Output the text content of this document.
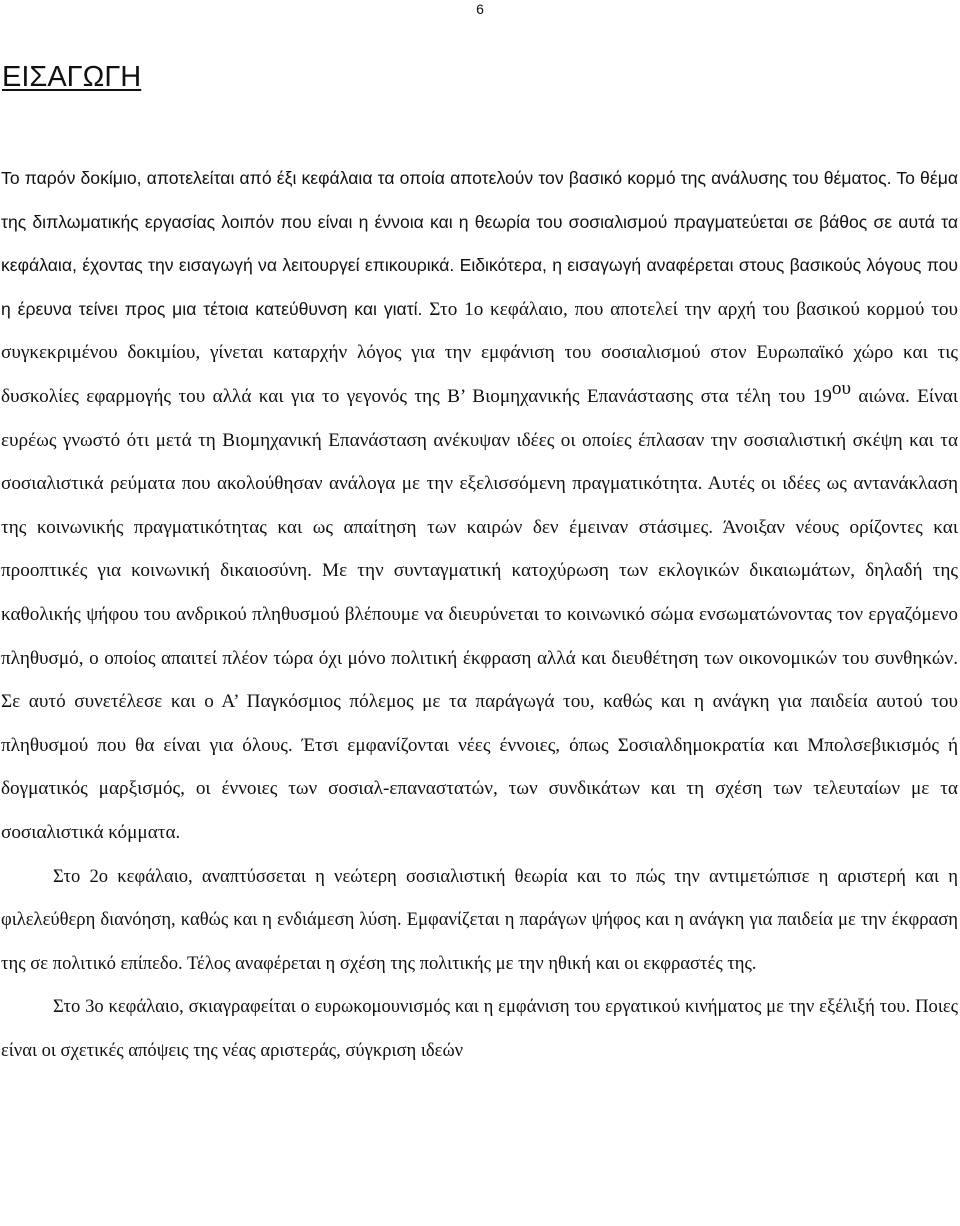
6
ΕΙΣΑΓΩΓΗ

Το παρόν δοκίμιο, αποτελείται από έξι κεφάλαια τα οποία αποτελούν τον βασικό κορμό της ανάλυσης του θέματος. Το θέμα της διπλωματικής εργασίας λοιπόν που είναι η έννοια και η θεωρία του σοσιαλισμού πραγματεύεται σε βάθος σε αυτά τα κεφάλαια, έχοντας την εισαγωγή να λειτουργεί επικουρικά. Ειδικότερα, η εισαγωγή αναφέρεται στους βασικούς λόγους που η έρευνα τείνει προς μια τέτοια κατεύθυνση και γιατί. Στο 1ο κεφάλαιο, που αποτελεί την αρχή του βασικού κορμού του συγκεκριμένου δοκιμίου, γίνεται καταρχήν λόγος για την εμφάνιση του σοσιαλισμού στον Ευρωπαϊκό χώρο και τις δυσκολίες εφαρμογής του αλλά και για το γεγονός της Β’ Βιομηχανικής Επανάστασης στα τέλη του $19^{o\upsilon}$ αιώνα. Είναι ευρέως γνωστό ότι μετά τη Βιομηχανική Επανάσταση ανέκυψαν ιδέες οι οποίες έπλασαν την σοσιαλιστική σκέψη και τα σοσιαλιστικά ρεύματα που ακολούθησαν ανάλογα με την εξελισσόμενη πραγματικότητα. Αυτές οι ιδέες ως αντανάκλαση της κοινωνικής πραγματικότητας και ως απαίτηση των καιρών δεν έμειναν στάσιμες. Άνοιξαν νέους ορίζοντες και προοπτικές για κοινωνική δικαιοσύνη. Με την συνταγματική κατοχύρωση των εκλογικών δικαιωμάτων, δηλαδή της καθολικής ψήφου του ανδρικού πληθυσμού βλέπουμε να διευρύνεται το κοινωνικό σώμα ενσωματώνοντας τον εργαζόμενο πληθυσμό, ο οποίος απαιτεί πλέον τώρα όχι μόνο πολιτική έκφραση αλλά και διευθέτηση των οικονομικών του συνθηκών. Σε αυτό συνετέλεσε και ο Α’ Παγκόσμιος πόλεμος με τα παράγωγά του, καθώς και η ανάγκη για παιδεία αυτού του πληθυσμού που θα είναι για όλους. Έτσι εμφανίζονται νέες έννοιες, όπως Σοσιαλδημοκρατία και Μπολσεβικισμός ή δογματικός μαρξισμός, οι έννοιες των σοσιαλ-επαναστατών, των συνδικάτων και τη σχέση των τελευταίων με τα σοσιαλιστικά κόμματα.

Στο 2ο κεφάλαιο, αναπτύσσεται η νεώτερη σοσιαλιστική θεωρία και το πώς την αντιμετώπισε η αριστερή και η φιλελεύθερη διανόηση, καθώς και η ενδιάμεση λύση. Εμφανίζεται η παράγων ψήφος και η ανάγκη για παιδεία με την έκφραση της σε πολιτικό επίπεδο. Τέλος αναφέρεται η σχέση της πολιτικής με την ηθική και οι εκφραστές της.

Στο 3ο κεφάλαιο, σκιαγραφείται ο ευρωκομουνισμός και η εμφάνιση του εργατικού κινήματος με την εξέλιξή του. Ποιες είναι οι σχετικές απόψεις της νέας αριστεράς, σύγκριση ιδεών
